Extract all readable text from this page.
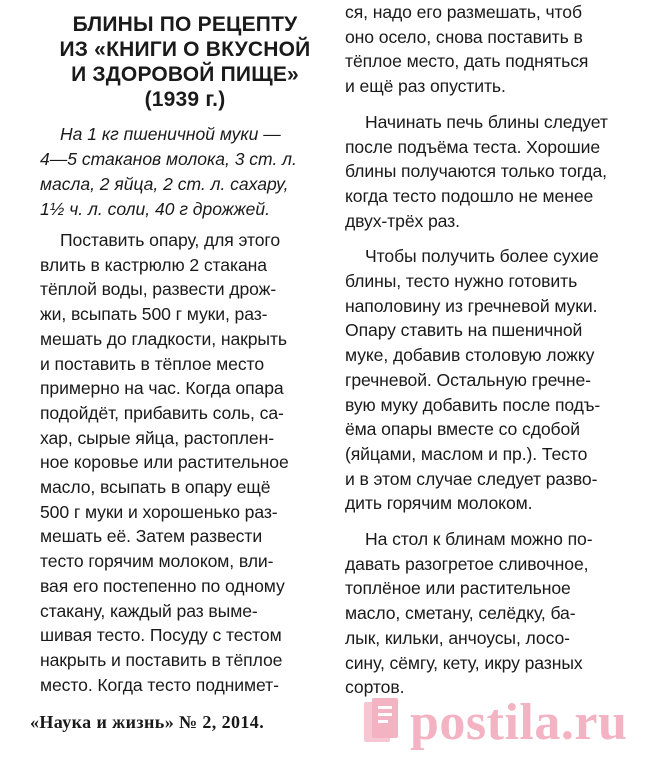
БЛИНЫ ПО РЕЦЕПТУ
ИЗ «КНИГИ О ВКУСНОЙ
И ЗДОРОВОЙ ПИЩЕ»
(1939 г.)
На 1 кг пшеничной муки —
4—5 стаканов молока, 3 ст. л.
масла, 2 яйца, 2 ст. л. сахару,
1½ ч. л. соли, 40 г дрожжей.
Поставить опару, для этого
влить в кастрюлю 2 стакана
тёплой воды, развести дрож-
жи, всыпать 500 г муки, раз-
мешать до гладкости, накрыть
и поставить в тёплое место
примерно на час. Когда опара
подойдёт, прибавить соль, са-
хар, сырые яйца, растоплен-
ное коровье или растительное
масло, всыпать в опару ещё
500 г муки и хорошенько раз-
мешать её. Затем развести
тесто горячим молоком, вли-
вая его постепенно по одному
стакану, каждый раз выме-
шивая тесто. Посуду с тестом
накрыть и поставить в тёплое
место. Когда тесто поднимет-
ся, надо его размешать, чтоб
оно осело, снова поставить в
тёплое место, дать подняться
и ещё раз опустить.
Начинать печь блины следует
после подъёма теста. Хорошие
блины получаются только тогда,
когда тесто подошло не менее
двух-трёх раз.
Чтобы получить более сухие
блины, тесто нужно готовить
наполовину из гречневой муки.
Опару ставить на пшеничной
муке, добавив столовую ложку
гречневой. Остальную гречне-
вую муку добавить после подъ-
ёма опары вместе со сдобой
(яйцами, маслом и пр.). Тесто
и в этом случае следует разво-
дить горячим молоком.
На стол к блинам можно по-
давать разогретое сливочное,
топлёное или растительное
масло, сметану, селёдку, ба-
лык, кильки, анчоусы, лосо-
сину, сёмгу, кету, икру разных
сортов.
«Наука и жизнь» № 2, 2014.	postila.ru
